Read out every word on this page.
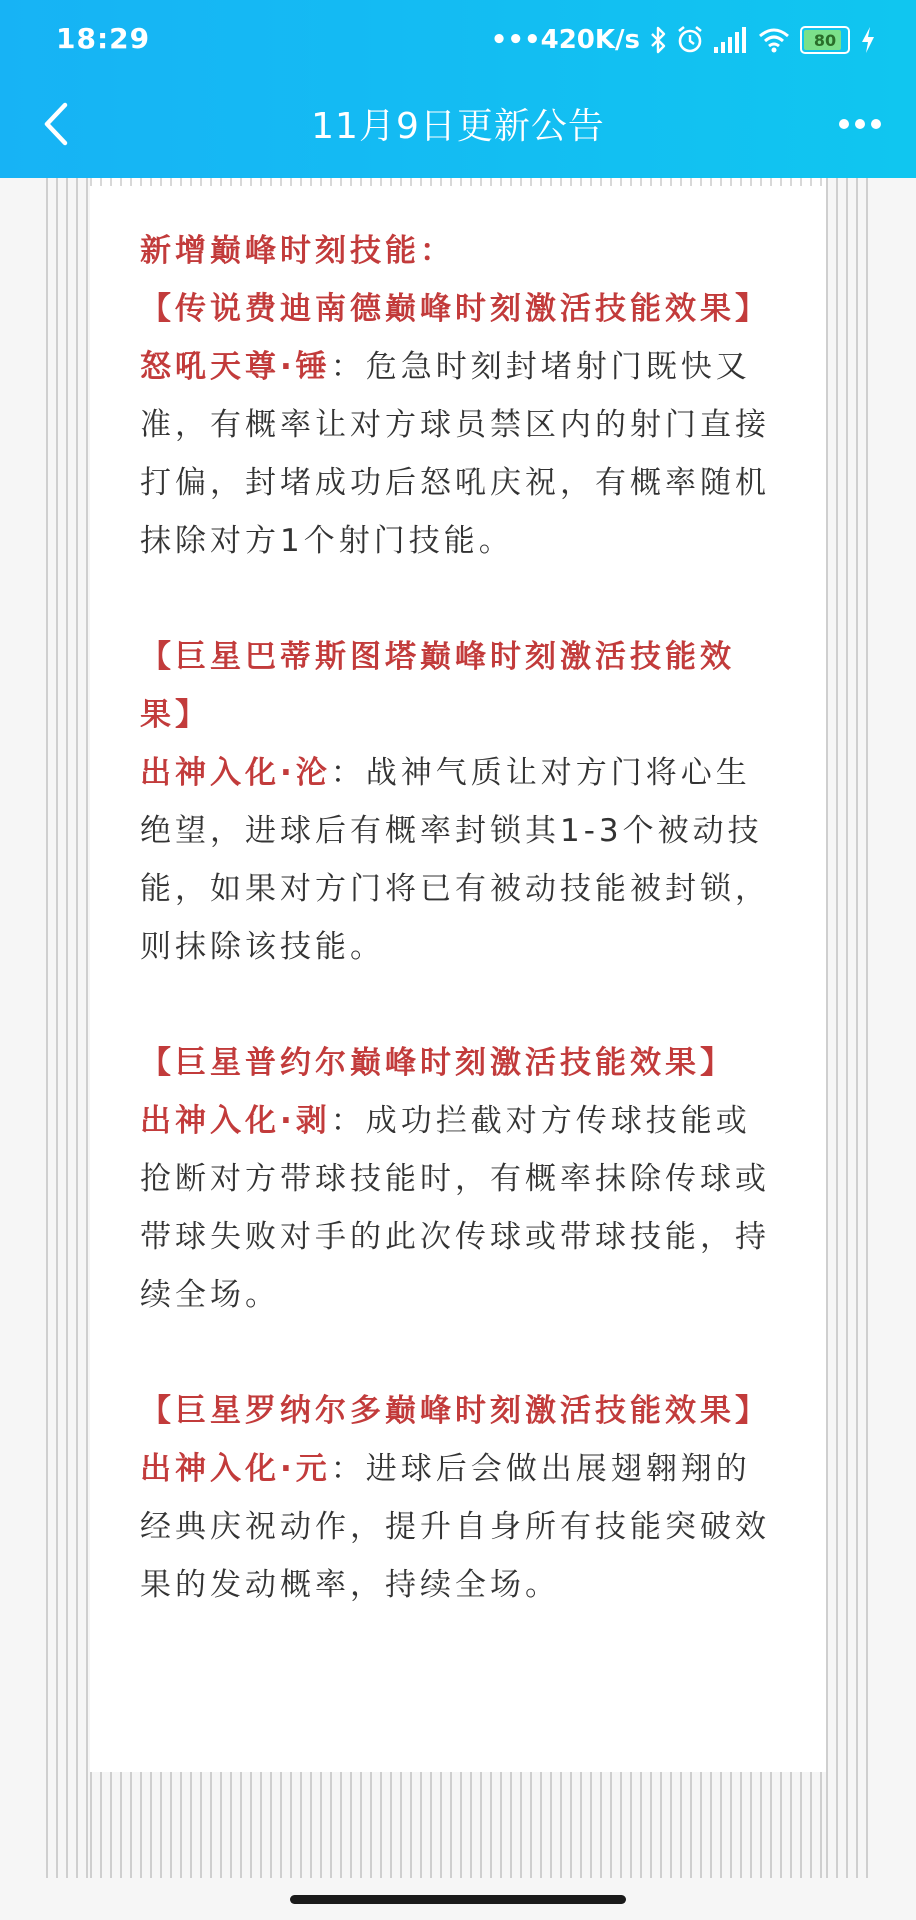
18:29	•••420K/s	80
11月9日更新公告

新增巅峰时刻技能：

【传说费迪南德巅峰时刻激活技能效果】

怒吼天尊·锤：危急时刻封堵射门既快又准，有概率让对方球员禁区内的射门直接打偏，封堵成功后怒吼庆祝，有概率随机抹除对方1个射门技能。

【巨星巴蒂斯图塔巅峰时刻激活技能效果】

出神入化·沦：战神气质让对方门将心生绝望，进球后有概率封锁其1-3个被动技能，如果对方门将已有被动技能被封锁，则抹除该技能。

【巨星普约尔巅峰时刻激活技能效果】

出神入化·剥：成功拦截对方传球技能或抢断对方带球技能时，有概率抹除传球或带球失败对手的此次传球或带球技能，持续全场。

【巨星罗纳尔多巅峰时刻激活技能效果】

出神入化·元：进球后会做出展翅翱翔的经典庆祝动作，提升自身所有技能突破效果的发动概率，持续全场。
